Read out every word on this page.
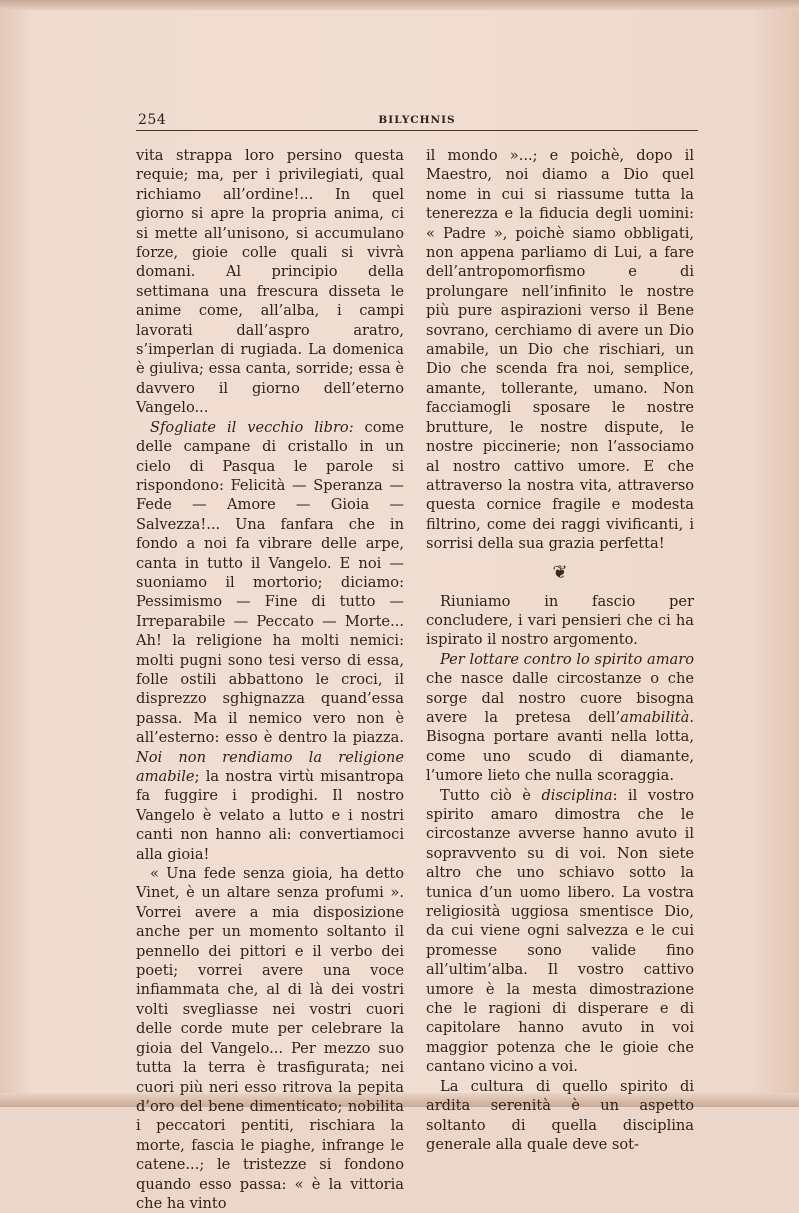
254	BILYCHNIS

vita strappa loro persino questa requie; ma, per i privilegiati, qual richiamo all’ordine!... In quel giorno si apre la propria anima, ci si mette all’unisono, si accumulano forze, gioie colle quali si vivrà domani. Al principio della settimana una frescura disseta le anime come, all’alba, i campi lavorati dall’aspro aratro, s’imperlan di rugiada. La domenica è giuliva; essa canta, sorride; essa è davvero il giorno dell’eterno Vangelo...

Sfogliate il vecchio libro: come delle campane di cristallo in un cielo di Pasqua le parole si rispondono: Felicità — Speranza — Fede — Amore — Gioia — Salvezza!... Una fanfara che in fondo a noi fa vibrare delle arpe, canta in tutto il Vangelo. E noi — suoniamo il mortorio; diciamo: Pessimismo — Fine di tutto — Irreparabile — Peccato — Morte... Ah! la religione ha molti nemici: molti pugni sono tesi verso di essa, folle ostili abbattono le croci, il disprezzo sghignazza quand’essa passa. Ma il nemico vero non è all’esterno: esso è dentro la piazza. Noi non rendiamo la religione amabile; la nostra virtù misantropa fa fuggire i prodighi. Il nostro Vangelo è velato a lutto e i nostri canti non hanno ali: convertiamoci alla gioia!

« Una fede senza gioia, ha detto Vinet, è un altare senza profumi ». Vorrei avere a mia disposizione anche per un momento soltanto il pennello dei pittori e il verbo dei poeti; vorrei avere una voce infiammata che, al di là dei vostri volti svegliasse nei vostri cuori delle corde mute per celebrare la gioia del Vangelo... Per mezzo suo tutta la terra è trasfigurata; nei cuori più neri esso ritrova la pepita d’oro del bene dimenticato; nobilita i peccatori pentiti, rischiara la morte, fascia le piaghe, infrange le catene...; le tristezze si fondono quando esso passa: « è la vittoria che ha vinto

il mondo »...; e poichè, dopo il Maestro, noi diamo a Dio quel nome in cui si riassume tutta la tenerezza e la fiducia degli uomini: « Padre », poichè siamo obbligati, non appena parliamo di Lui, a fare dell’antropomorfismo e di prolungare nell’infinito le nostre più pure aspirazioni verso il Bene sovrano, cerchiamo di avere un Dio amabile, un Dio che rischiari, un Dio che scenda fra noi, semplice, amante, tollerante, umano. Non facciamogli sposare le nostre brutture, le nostre dispute, le nostre piccinerie; non l’associamo al nostro cattivo umore. E che attraverso la nostra vita, attraverso questa cornice fragile e modesta filtrino, come dei raggi vivificanti, i sorrisi della sua grazia perfetta!

❦

Riuniamo in fascio per concludere, i vari pensieri che ci ha ispirato il nostro argomento.

Per lottare contro lo spirito amaro che nasce dalle circostanze o che sorge dal nostro cuore bisogna avere la pretesa dell’amabilità. Bisogna portare avanti nella lotta, come uno scudo di diamante, l’umore lieto che nulla scoraggia.

Tutto ciò è disciplina: il vostro spirito amaro dimostra che le circostanze avverse hanno avuto il sopravvento su di voi. Non siete altro che uno schiavo sotto la tunica d’un uomo libero. La vostra religiosità uggiosa smentisce Dio, da cui viene ogni salvezza e le cui promesse sono valide fino all’ultim’alba. Il vostro cattivo umore è la mesta dimostrazione che le ragioni di disperare e di capitolare hanno avuto in voi maggior potenza che le gioie che cantano vicino a voi.

La cultura di quello spirito di ardita serenità è un aspetto soltanto di quella disciplina generale alla quale deve sot-
